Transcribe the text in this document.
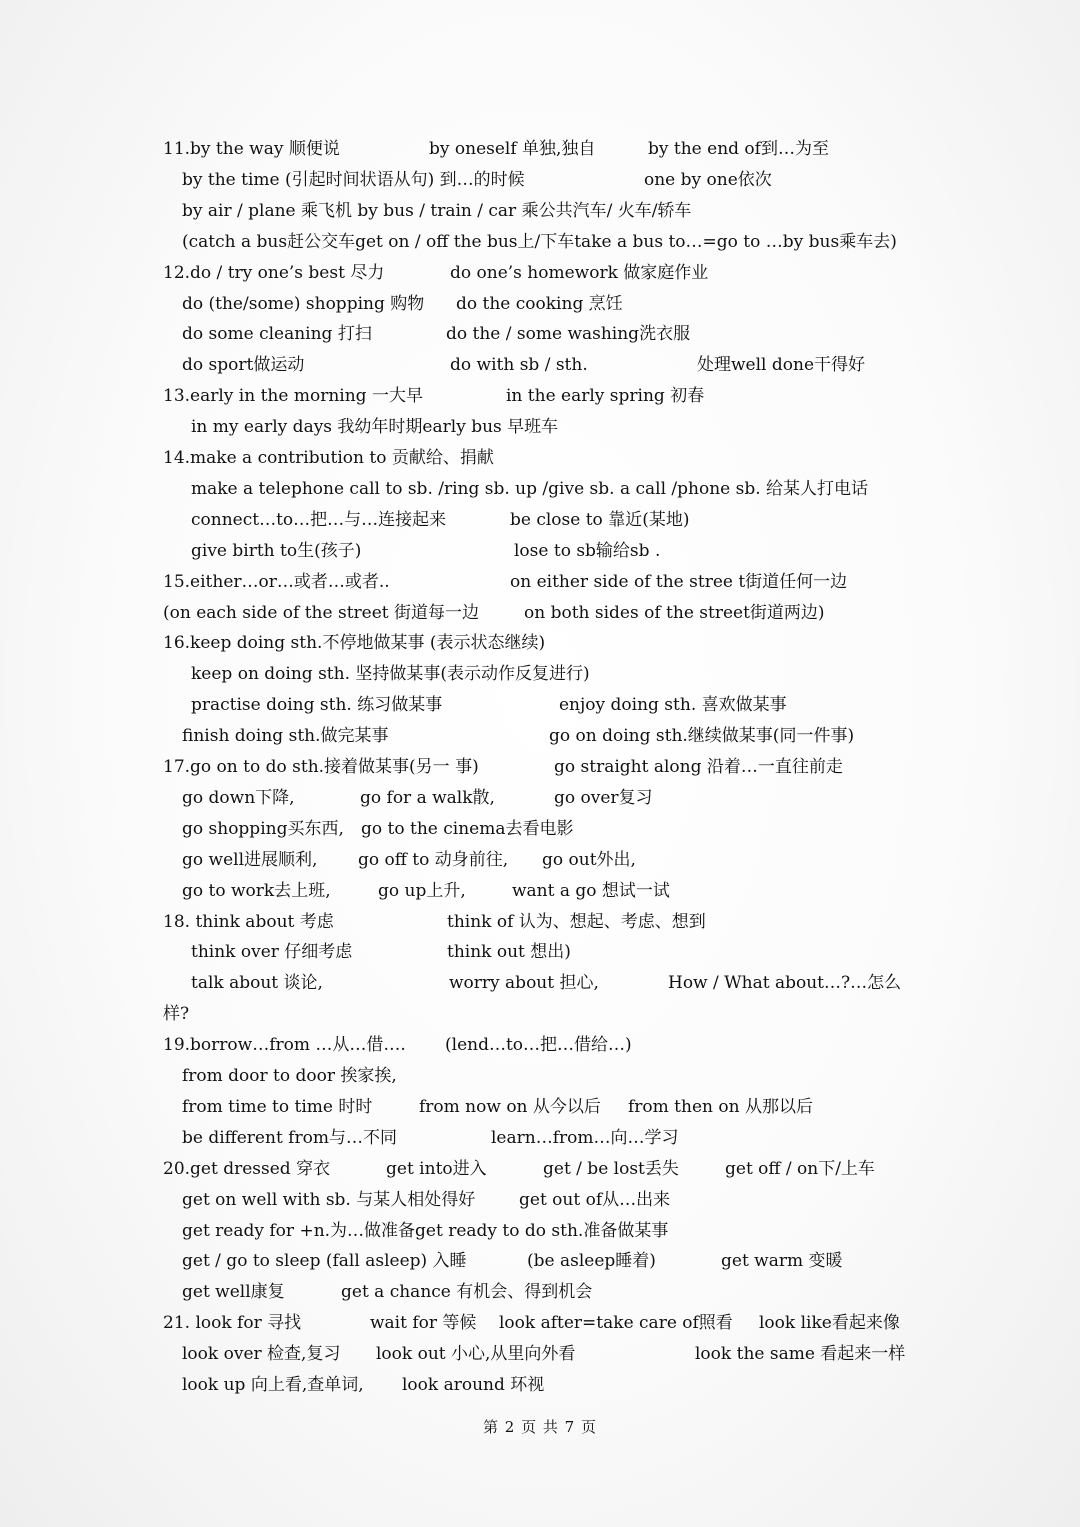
11.by the way 顺便说	by oneself 单独,独自	by the end of到…为至
by the time (引起时间状语从句) 到…的时候	one by one依次
by air / plane 乘飞机 by bus / train / car 乘公共汽车/ 火车/轿车
(catch a bus赶公交车get on / off the bus上/下车take a bus to…=go to …by bus乘车去)
12.do / try one’s best 尽力	do one’s homework 做家庭作业
do (the/some) shopping 购物 do the cooking 烹饪
do some cleaning 打扫	do the / some washing洗衣服
do sport做运动	do with sb / sth.	处理well done干得好
13.early in the morning 一大早	in the early spring 初春
in my early days 我幼年时期early bus 早班车
14.make a contribution to 贡献给、捐献
make a telephone call to sb. /ring sb. up /give sb. a call /phone sb. 给某人打电话
connect…to…把…与…连接起来	be close to 靠近(某地)
give birth to生(孩子)	lose to sb输给sb .
15.either…or…或者…或者..	on either side of the stree t街道任何一边
(on each side of the street 街道每一边	on both sides of the street街道两边)
16.keep doing sth.不停地做某事 (表示状态继续)
keep on doing sth. 坚持做某事(表示动作反复进行)
practise doing sth. 练习做某事	enjoy doing sth. 喜欢做某事
finish doing sth.做完某事	go on doing sth.继续做某事(同一件事)
17.go on to do sth.接着做某事(另一 事)	go straight along 沿着…一直往前走
go down下降,	go for a walk散,	go over复习
go shopping买东西, go to the cinema去看电影
go well进展顺利, go off to 动身前往, go out外出,
go to work去上班,	go up上升,	want a go 想试一试
18. think about 考虑	think of 认为、想起、考虑、想到
think over 仔细考虑	think out 想出)
talk about 谈论,	worry about 担心,	How / What about…?…怎么
样?
19.borrow…from …从…借…. (lend…to…把…借给…)
from door to door 挨家挨,
from time to time 时时	from now on 从今以后 from then on 从那以后
be different from与…不同	learn…from…向…学习
20.get dressed 穿衣	get into进入	get / be lost丢失	get off / on下/上车
get on well with sb. 与某人相处得好	get out of从…出来
get ready for +n.为…做准备get ready to do sth.准备做某事
get / go to sleep (fall asleep) 入睡	(be asleep睡着)	get warm 变暖
get well康复	get a chance 有机会、得到机会
21. look for 寻找	wait for 等候 look after=take care of照看 look like看起来像
look over 检查,复习 look out 小心,从里向外看	look the same 看起来一样
look up 向上看,查单词, look around 环视
第 2 页 共 7 页
